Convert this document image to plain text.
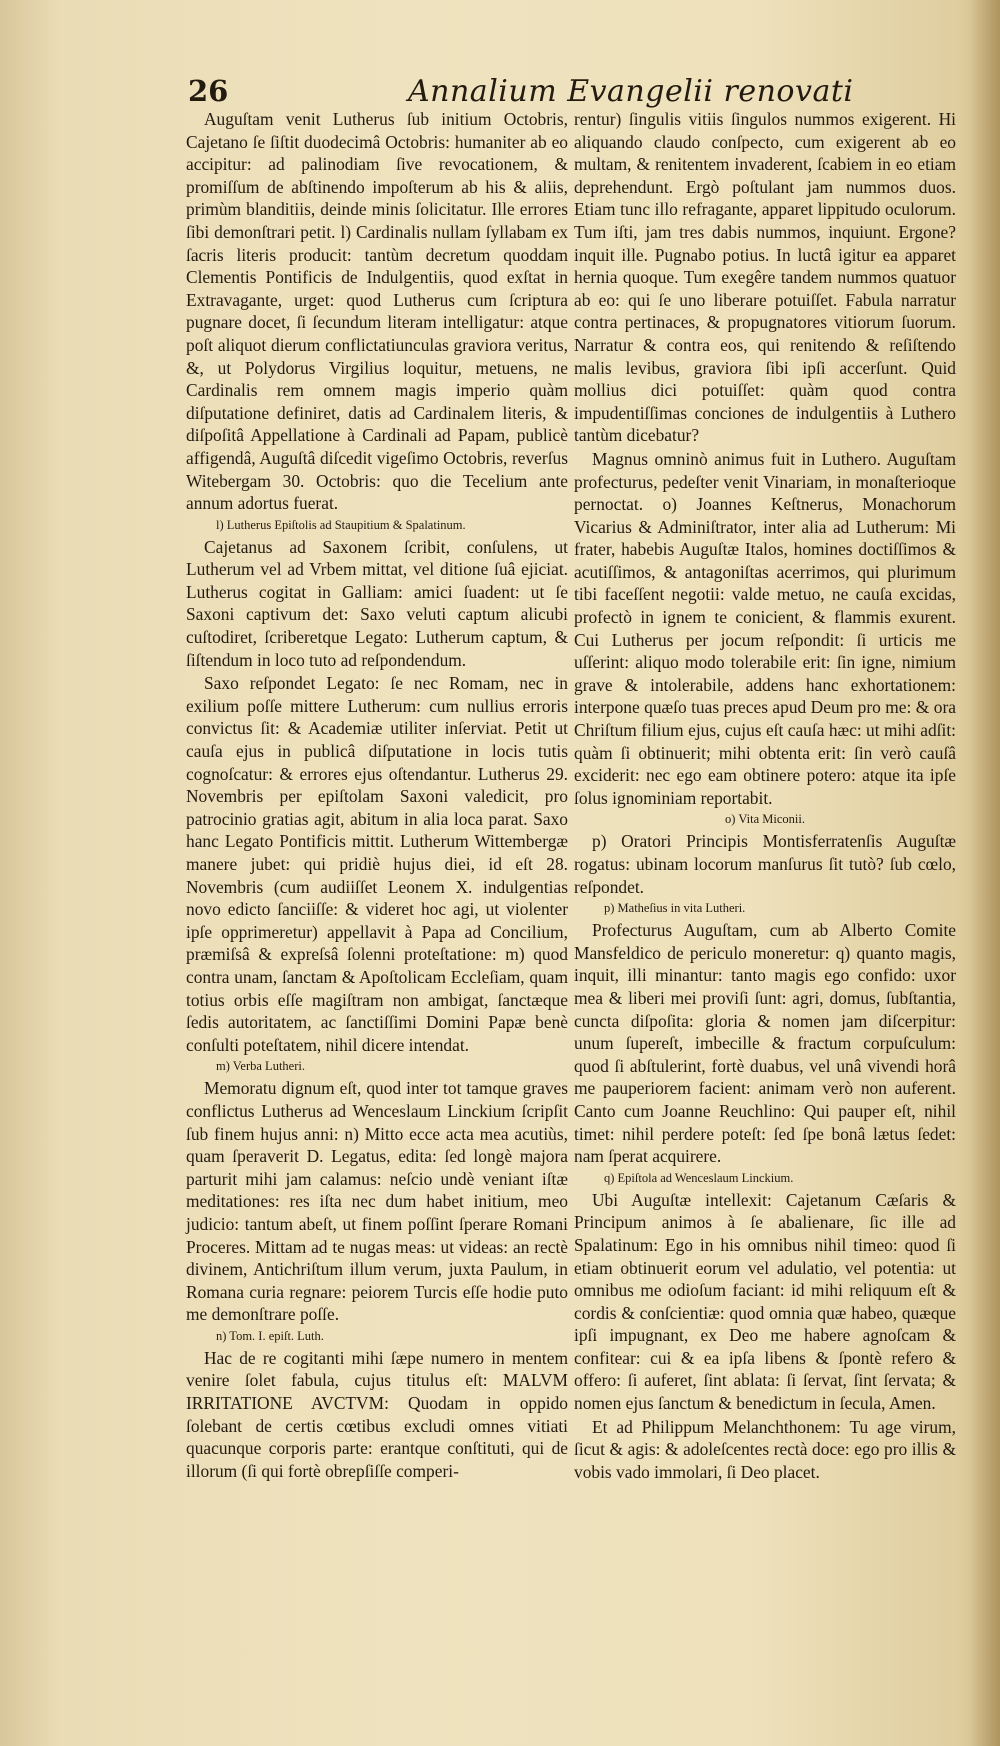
26	Annalium Evangelii renovati

Auguſtam venit Lutherus ſub initium Octobris, Cajetano ſe ſiſtit duodecimâ Octobris: humaniter ab eo accipitur: ad palinodiam ſive revocationem, & promiſſum de abſtinendo impoſterum ab his & aliis, primùm blanditiis, deinde minis ſolicitatur. Ille errores ſibi demonſtrari petit. l) Cardinalis nullam ſyllabam ex ſacris literis producit: tantùm decretum quoddam Clementis Pontificis de Indulgentiis, quod exſtat in Extravagante, urget: quod Lutherus cum ſcriptura pugnare docet, ſi ſecundum literam intelligatur: atque poſt aliquot dierum conflictatiunculas graviora veritus, &, ut Polydorus Virgilius loquitur, metuens, ne Cardinalis rem omnem magis imperio quàm diſputatione definiret, datis ad Cardinalem literis, & diſpoſitâ Appellatione à Cardinali ad Papam, publicè affigendâ, Auguſtâ diſcedit vigeſimo Octobris, reverſus Witebergam 30. Octobris: quo die Tecelium ante annum adortus fuerat.

l) Lutherus Epiſtolis ad Staupitium & Spalatinum.

Cajetanus ad Saxonem ſcribit, conſulens, ut Lutherum vel ad Vrbem mittat, vel ditione ſuâ ejiciat. Lutherus cogitat in Galliam: amici ſuadent: ut ſe Saxoni captivum det: Saxo veluti captum alicubi cuſtodiret, ſcriberetque Legato: Lutherum captum, & ſiſtendum in loco tuto ad reſpondendum.

Saxo reſpondet Legato: ſe nec Romam, nec in exilium poſſe mittere Lutherum: cum nullius erroris convictus ſit: & Academiæ utiliter inſerviat. Petit ut cauſa ejus in publicâ diſputatione in locis tutis cognoſcatur: & errores ejus oſtendantur. Lutherus 29. Novembris per epiſtolam Saxoni valedicit, pro patrocinio gratias agit, abitum in alia loca parat. Saxo hanc Legato Pontificis mittit. Lutherum Wittembergæ manere jubet: qui pridiè hujus diei, id eſt 28. Novembris (cum audiiſſet Leonem X. indulgentias novo edicto ſanciiſſe: & videret hoc agi, ut violenter ipſe opprimeretur) appellavit à Papa ad Concilium, præmiſsâ & expreſsâ ſolenni proteſtatione: m) quod contra unam, ſanctam & Apoſtolicam Eccleſiam, quam totius orbis eſſe magiſtram non ambigat, ſanctæque ſedis autoritatem, ac ſanctiſſimi Domini Papæ benè conſulti poteſtatem, nihil dicere intendat.

m) Verba Lutheri.

Memoratu dignum eſt, quod inter tot tamque graves conflictus Lutherus ad Wenceslaum Linckium ſcripſit ſub finem hujus anni: n) Mitto ecce acta mea acutiùs, quam ſperaverit D. Legatus, edita: ſed longè majora parturit mihi jam calamus: neſcio undè veniant iſtæ meditationes: res iſta nec dum habet initium, meo judicio: tantum abeſt, ut finem poſſint ſperare Romani Proceres. Mittam ad te nugas meas: ut videas: an rectè divinem, Antichriſtum illum verum, juxta Paulum, in Romana curia regnare: peiorem Turcis eſſe hodie puto me demonſtrare poſſe.

n) Tom. I. epiſt. Luth.

Hac de re cogitanti mihi ſæpe numero in mentem venire ſolet fabula, cujus titulus eſt: MALVM IRRITATIONE AVCTVM: Quodam in oppido ſolebant de certis cœtibus excludi omnes vitiati quacunque corporis parte: erantque conſtituti, qui de illorum (ſi qui fortè obrepſiſſe comperi-

rentur) ſingulis vitiis ſingulos nummos exigerent. Hi aliquando claudo conſpecto, cum exigerent ab eo multam, & renitentem invaderent, ſcabiem in eo etiam deprehendunt. Ergò poſtulant jam nummos duos. Etiam tunc illo refragante, apparet lippitudo oculorum. Tum iſti, jam tres dabis nummos, inquiunt. Ergone? inquit ille. Pugnabo potius. In luctâ igitur ea apparet hernia quoque. Tum exegêre tandem nummos quatuor ab eo: qui ſe uno liberare potuiſſet. Fabula narratur contra pertinaces, & propugnatores vitiorum ſuorum. Narratur & contra eos, qui renitendo & reſiſtendo malis levibus, graviora ſibi ipſi accerſunt. Quid mollius dici potuiſſet: quàm quod contra impudentiſſimas conciones de indulgentiis à Luthero tantùm dicebatur?

Magnus omninò animus fuit in Luthero. Auguſtam profecturus, pedeſter venit Vinariam, in monaſterioque pernoctat. o) Joannes Keſtnerus, Monachorum Vicarius & Adminiſtrator, inter alia ad Lutherum: Mi frater, habebis Auguſtæ Italos, homines doctiſſimos & acutiſſimos, & antagoniſtas acerrimos, qui plurimum tibi faceſſent negotii: valde metuo, ne cauſa excidas, profectò in ignem te conicient, & flammis exurent. Cui Lutherus per jocum reſpondit: ſi urticis me uſſerint: aliquo modo tolerabile erit: ſin igne, nimium grave & intolerabile, addens hanc exhortationem: interpone quæſo tuas preces apud Deum pro me: & ora Chriſtum filium ejus, cujus eſt cauſa hæc: ut mihi adſit: quàm ſi obtinuerit; mihi obtenta erit: ſin verò cauſâ exciderit: nec ego eam obtinere potero: atque ita ipſe ſolus ignominiam reportabit.

o) Vita Miconii.

p) Oratori Principis Montisferratenſis Auguſtæ rogatus: ubinam locorum manſurus ſit tutò? ſub cœlo, reſpondet.

p) Matheſius in vita Lutheri.

Profecturus Auguſtam, cum ab Alberto Comite Mansfeldico de periculo moneretur: q) quanto magis, inquit, illi minantur: tanto magis ego confido: uxor mea & liberi mei proviſi ſunt: agri, domus, ſubſtantia, cuncta diſpoſita: gloria & nomen jam diſcerpitur: unum ſupereſt, imbecille & fractum corpuſculum: quod ſi abſtulerint, fortè duabus, vel unâ vivendi horâ me pauperiorem facient: animam verò non auferent. Canto cum Joanne Reuchlino: Qui pauper eſt, nihil timet: nihil perdere poteſt: ſed ſpe bonâ lætus ſedet: nam ſperat acquirere.

q) Epiſtola ad Wenceslaum Linckium.

Ubi Auguſtæ intellexit: Cajetanum Cæſaris & Principum animos à ſe abalienare, ſic ille ad Spalatinum: Ego in his omnibus nihil timeo: quod ſi etiam obtinuerit eorum vel adulatio, vel potentia: ut omnibus me odioſum faciant: id mihi reliquum eſt & cordis & conſcientiæ: quod omnia quæ habeo, quæque ipſi impugnant, ex Deo me habere agnoſcam & confitear: cui & ea ipſa libens & ſpontè refero & offero: ſi auferet, ſint ablata: ſi ſervat, ſint ſervata; & nomen ejus ſanctum & benedictum in ſecula, Amen.

Et ad Philippum Melanchthonem: Tu age virum, ſicut & agis: & adoleſcentes rectà doce: ego pro illis & vobis vado immolari, ſi Deo placet.
